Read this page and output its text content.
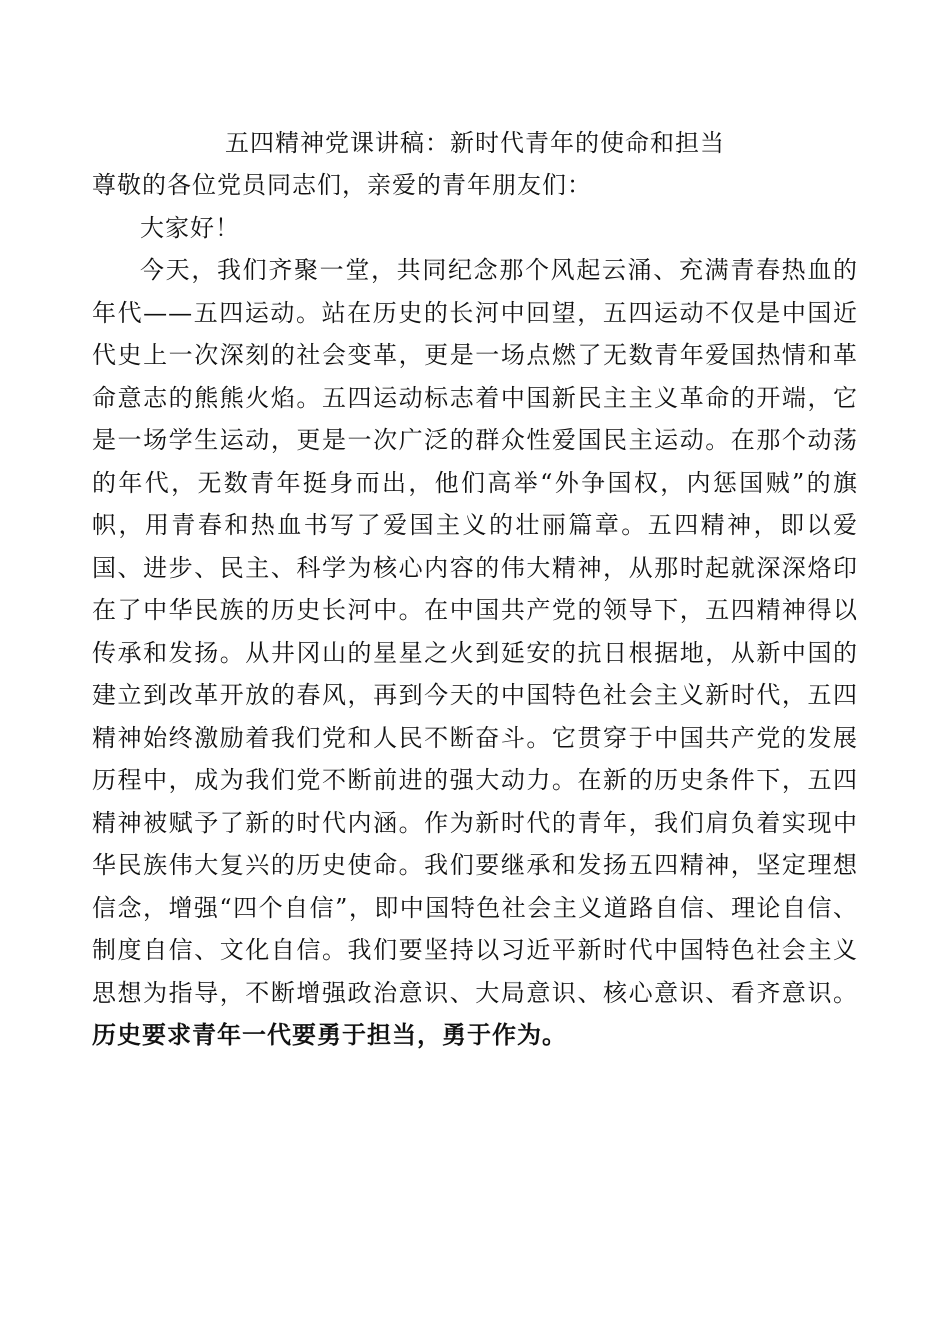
五四精神党课讲稿：新时代青年的使命和担当

尊敬的各位党员同志们，亲爱的青年朋友们：

大家好！

今天，我们齐聚一堂，共同纪念那个风起云涌、充满青春热血的年代——五四运动。站在历史的长河中回望，五四运动不仅是中国近代史上一次深刻的社会变革，更是一场点燃了无数青年爱国热情和革命意志的熊熊火焰。五四运动标志着中国新民主主义革命的开端，它是一场学生运动，更是一次广泛的群众性爱国民主运动。在那个动荡的年代，无数青年挺身而出，他们高举“外争国权，内惩国贼”的旗帜，用青春和热血书写了爱国主义的壮丽篇章。五四精神，即以爱国、进步、民主、科学为核心内容的伟大精神，从那时起就深深烙印在了中华民族的历史长河中。在中国共产党的领导下，五四精神得以传承和发扬。从井冈山的星星之火到延安的抗日根据地，从新中国的建立到改革开放的春风，再到今天的中国特色社会主义新时代，五四精神始终激励着我们党和人民不断奋斗。它贯穿于中国共产党的发展历程中，成为我们党不断前进的强大动力。在新的历史条件下，五四精神被赋予了新的时代内涵。作为新时代的青年，我们肩负着实现中华民族伟大复兴的历史使命。我们要继承和发扬五四精神，坚定理想信念，增强“四个自信”，即中国特色社会主义道路自信、理论自信、制度自信、文化自信。我们要坚持以习近平新时代中国特色社会主义思想为指导，不断增强政治意识、大局意识、核心意识、看齐意识。历史要求青年一代要勇于担当，勇于作为。
